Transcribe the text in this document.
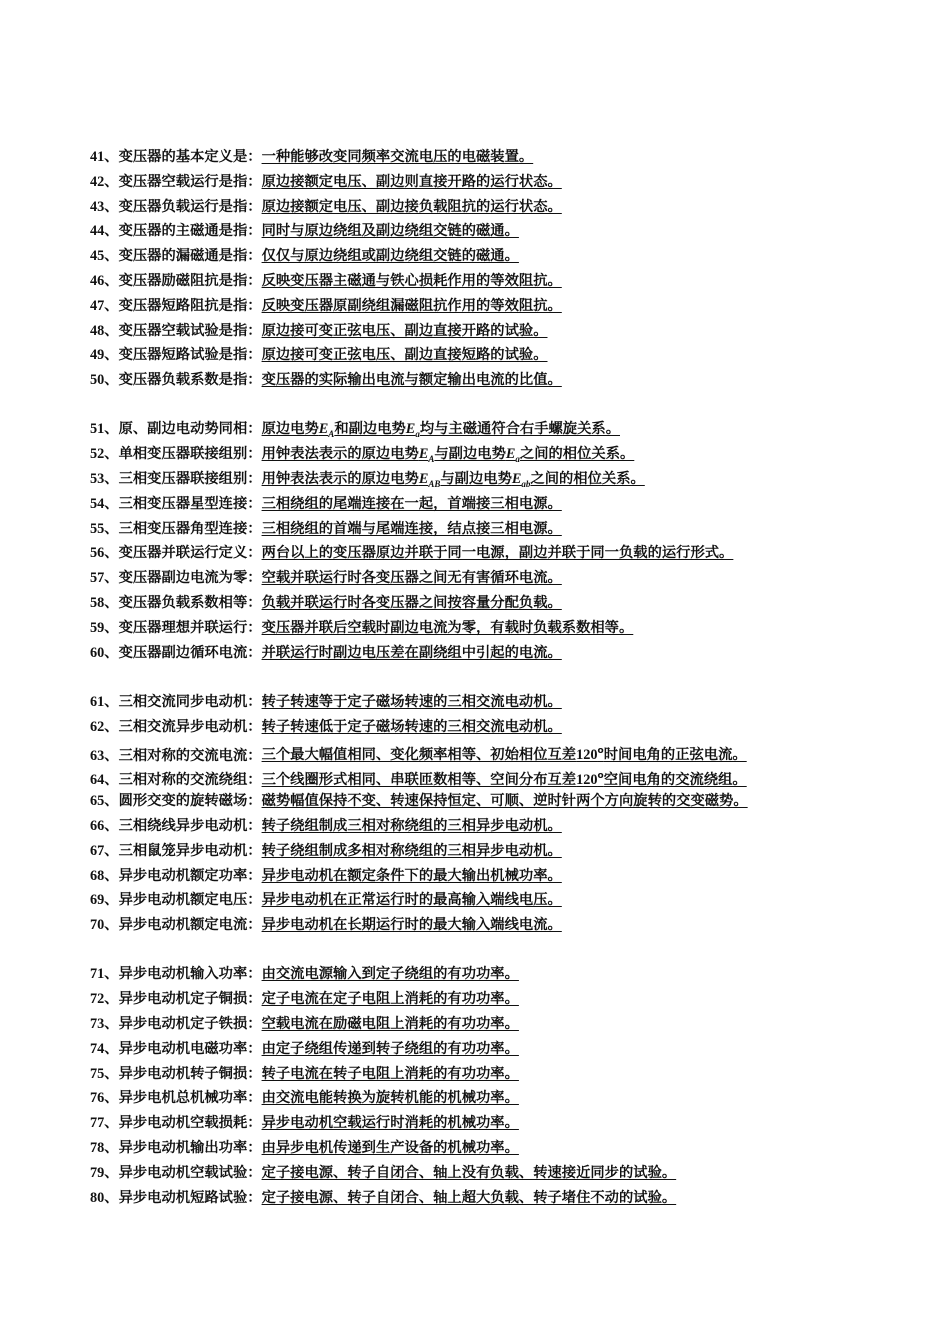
41、变压器的基本定义是：一种能够改变同频率交流电压的电磁装置。
42、变压器空载运行是指：原边接额定电压、副边则直接开路的运行状态。
43、变压器负载运行是指：原边接额定电压、副边接负载阻抗的运行状态。
44、变压器的主磁通是指：同时与原边绕组及副边绕组交链的磁通。
45、变压器的漏磁通是指：仅仅与原边绕组或副边绕组交链的磁通。
46、变压器励磁阻抗是指：反映变压器主磁通与铁心损耗作用的等效阻抗。
47、变压器短路阻抗是指：反映变压器原副绕组漏磁阻抗作用的等效阻抗。
48、变压器空载试验是指：原边接可变正弦电压、副边直接开路的试验。
49、变压器短路试验是指：原边接可变正弦电压、副边直接短路的试验。
50、变压器负载系数是指：变压器的实际输出电流与额定输出电流的比值。
51、原、副边电动势同相：原边电势$E_A$和副边电势$E_a$均与主磁通符合右手螺旋关系。
52、单相变压器联接组别：用钟表法表示的原边电势$E_A$与副边电势$E_a$之间的相位关系。
53、三相变压器联接组别：用钟表法表示的原边电势$E_{AB}$与副边电势$E_{ab}$之间的相位关系。
54、三相变压器星型连接：三相绕组的尾端连接在一起，首端接三相电源。
55、三相变压器角型连接：三相绕组的首端与尾端连接，结点接三相电源。
56、变压器并联运行定义：两台以上的变压器原边并联于同一电源，副边并联于同一负载的运行形式。
57、变压器副边电流为零：空载并联运行时各变压器之间无有害循环电流。
58、变压器负载系数相等：负载并联运行时各变压器之间按容量分配负载。
59、变压器理想并联运行：变压器并联后空载时副边电流为零，有载时负载系数相等。
60、变压器副边循环电流：并联运行时副边电压差在副绕组中引起的电流。
61、三相交流同步电动机：转子转速等于定子磁场转速的三相交流电动机。
62、三相交流异步电动机：转子转速低于定子磁场转速的三相交流电动机。
63、三相对称的交流电流：三个最大幅值相同、变化频率相等、初始相位互差120$^o$时间电角的正弦电流。
64、三相对称的交流绕组：三个线圈形式相同、串联匝数相等、空间分布互差120$^o$空间电角的交流绕组。
65、圆形交变的旋转磁场：磁势幅值保持不变、转速保持恒定、可顺、逆时针两个方向旋转的交变磁势。
66、三相绕线异步电动机：转子绕组制成三相对称绕组的三相异步电动机。
67、三相鼠笼异步电动机：转子绕组制成多相对称绕组的三相异步电动机。
68、异步电动机额定功率：异步电动机在额定条件下的最大输出机械功率。
69、异步电动机额定电压：异步电动机在正常运行时的最高输入端线电压。
70、异步电动机额定电流：异步电动机在长期运行时的最大输入端线电流。
71、异步电动机输入功率：由交流电源输入到定子绕组的有功功率。
72、异步电动机定子铜损：定子电流在定子电阻上消耗的有功功率。
73、异步电动机定子铁损：空载电流在励磁电阻上消耗的有功功率。
74、异步电动机电磁功率：由定子绕组传递到转子绕组的有功功率。
75、异步电动机转子铜损：转子电流在转子电阻上消耗的有功功率。
76、异步电机总机械功率：由交流电能转换为旋转机能的机械功率。
77、异步电动机空载损耗：异步电动机空载运行时消耗的机械功率。
78、异步电动机输出功率：由异步电机传递到生产设备的机械功率。
79、异步电动机空载试验：定子接电源、转子自闭合、轴上没有负载、转速接近同步的试验。
80、异步电动机短路试验：定子接电源、转子自闭合、轴上超大负载、转子堵住不动的试验。
